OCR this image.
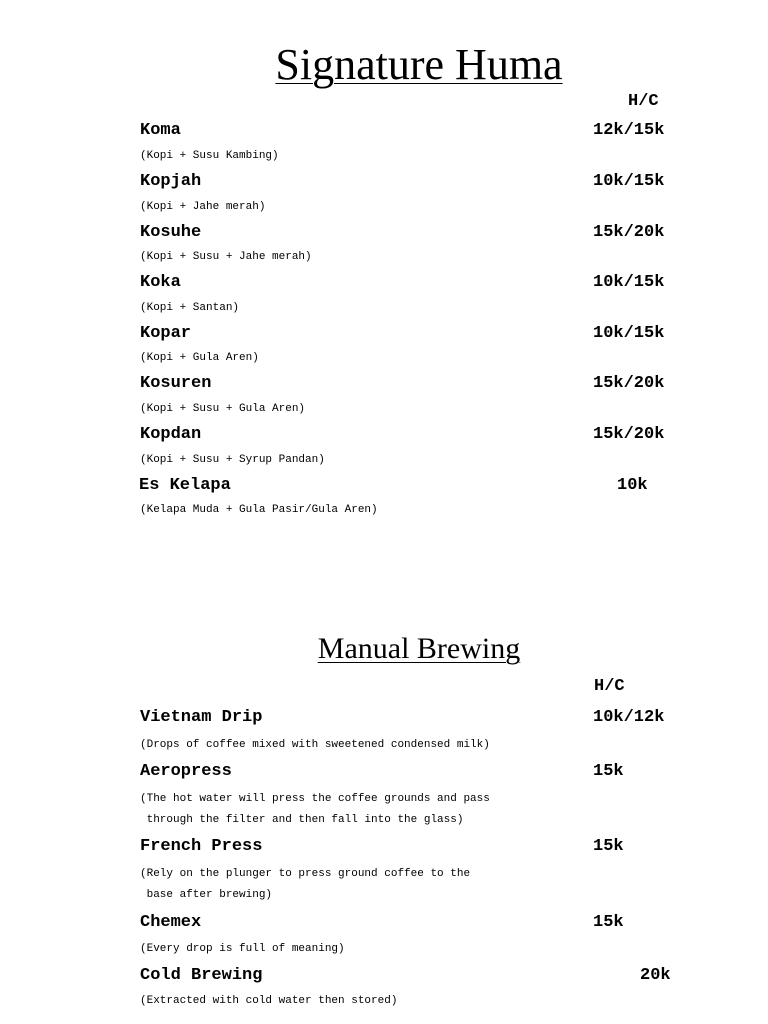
Signature Huma
H/C
Koma	12k/15k
(Kopi + Susu Kambing)
Kopjah	10k/15k
(Kopi + Jahe merah)
Kosuhe	15k/20k
(Kopi + Susu + Jahe merah)
Koka	10k/15k
(Kopi + Santan)
Kopar	10k/15k
(Kopi + Gula Aren)
Kosuren	15k/20k
(Kopi + Susu + Gula Aren)
Kopdan	15k/20k
(Kopi + Susu + Syrup Pandan)
Es Kelapa	10k
(Kelapa Muda + Gula Pasir/Gula Aren)
Manual Brewing
H/C
Vietnam Drip	10k/12k
(Drops of coffee mixed with sweetened condensed milk)
Aeropress	15k
(The hot water will press the coffee grounds and pass
through the filter and then fall into the glass)
French Press	15k
(Rely on the plunger to press ground coffee to the
base after brewing)
Chemex	15k
(Every drop is full of meaning)
Cold Brewing	20k
(Extracted with cold water then stored)
